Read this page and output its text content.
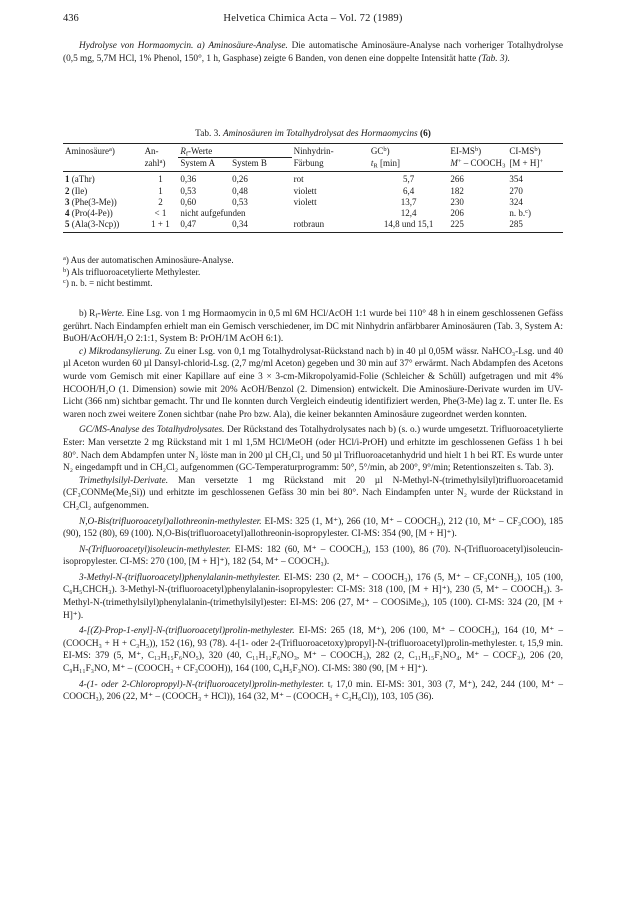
436	Helvetica Chimica Acta – Vol. 72 (1989)

Hydrolyse von Hormaomycin. a) Aminosäure-Analyse. Die automatische Aminosäure-Analyse nach vorheriger Totalhydrolyse (0,5 mg, 5,7M HCl, 1% Phenol, 150°, 1 h, Gasphase) zeigte 6 Banden, von denen eine doppelte Intensität hatte (Tab. 3).

Tab. 3. Aminosäuren im Totalhydrolysat des Hormaomycins (6)
Aminosäure$^a$)	An-	$R_f$-Werte		Ninhydrin-	$GC^b$)	$EI-MS^b$)	$CI-MS^b$)
	zahl$^a$)	System A	System B	Färbung	$t_R$ [min]	$M^+ - COOCH_3$	[M + H]+
1 (aThr)	1	0,36	0,26	rot	5,7	266	354
2 (Ile)	1	0,53	0,48	violett	6,4	182	270
3 (Phe(3-Me))	2	0,60	0,53	violett	13,7	230	324
4 (Pro(4-Pe))	< 1	nicht aufgefunden			12,4	206	n. b.$^c$)
5 (Ala(3-Ncp))	1 + 1	0,47	0,34	rotbraun	14,8 und 15,1	225	285
$^a$) Aus der automatischen Aminosäure-Analyse.
$^b$) Als trifluoroacetylierte Methylester.
$^c$) n. b. = nicht bestimmt.

b) $R_f$-Werte. Eine Lsg. von 1 mg Hormaomycin in 0,5 ml 6M HCl/AcOH 1:1 wurde bei 110° 48 h in einem geschlossenen Gefäss gerührt. Nach Eindampfen erhielt man ein Gemisch verschiedener, im DC mit Ninhydrin anfärbbarer Aminosäuren (Tab. 3, System A: BuOH/AcOH/H₂O 2:1:1, System B: PrOH/1M AcOH 6:1).

c) Mikrodansylierung. Zu einer Lsg. von 0,1 mg Totalhydrolysat-Rückstand nach b) in 40 µl 0,05M wässr. NaHCO₃-Lsg. und 40 µl Aceton wurden 60 µl Dansyl-chlorid-Lsg. (2,7 mg/ml Aceton) gegeben und 30 min auf 37° erwärmt. Nach Abdampfen des Acetons wurde vom Gemisch mit einer Kapillare auf eine 3 × 3-cm-Mikropolyamid-Folie (Schleicher & Schüll) aufgetragen und mit 4% HCOOH/H₂O (1. Dimension) sowie mit 20% AcOH/Benzol (2. Dimension) entwickelt. Die Aminosäure-Derivate wurden im UV-Licht (366 nm) sichtbar gemacht. Thr und Ile konnten durch Vergleich eindeutig identifiziert werden, Phe(3-Me) lag z. T. unter Ile. Es waren noch zwei weitere Zonen sichtbar (nahe Pro bzw. Ala), die keiner bekannten Aminosäure zugeordnet werden konnten.

GC/MS-Analyse des Totalhydrolysates. Der Rückstand des Totalhydrolysates nach b) (s. o.) wurde umgesetzt. Trifluoroacetylierte Ester: Man versetzte 2 mg Rückstand mit 1 ml 1,5M HCl/MeOH (oder HCl/i-PrOH) und erhitzte im geschlossenen Gefäss 1 h bei 80°. Nach dem Abdampfen unter N₂ löste man in 200 µl CH₂Cl₂ und 50 µl Trifluoroacetanhydrid und hielt 1 h bei RT. Es wurde unter N₂ eingedampft und in CH₂Cl₂ aufgenommen (GC-Temperaturprogramm: 50°, 5°/min, ab 200°, 9°/min; Retentionszeiten s. Tab. 3).

Trimethylsilyl-Derivate. Man versetzte 1 mg Rückstand mit 20 µl N-Methyl-N-(trimethylsilyl)trifluoroacetamid (CF₃CONMe(Me₃Si)) und erhitzte im geschlossenen Gefäss 30 min bei 80°. Nach Eindampfen unter N₂ wurde der Rückstand in CH₂Cl₂ aufgenommen.

N,O-Bis(trifluoroacetyl)allothreonin-methylester. EI-MS: 325 (1, M⁺), 266 (10, M⁺ – COOCH₃), 212 (10, M⁺ – CF₃COO), 185 (90), 152 (80), 69 (100). N,O-Bis(trifluoroacetyl)allothreonin-isopropylester. CI-MS: 354 (90, [M + H]⁺).

N-(Trifluoroacetyl)isoleucin-methylester. EI-MS: 182 (60, M⁺ – COOCH₃), 153 (100), 86 (70). N-(Trifluoroacetyl)isoleucin-isopropylester. CI-MS: 270 (100, [M + H]⁺), 182 (54, M⁺ – COOCH₃).

3-Methyl-N-(trifluoroacetyl)phenylalanin-methylester. EI-MS: 230 (2, M⁺ – COOCH₃), 176 (5, M⁺ – CF₃CONH₂), 105 (100, C₆H₅CHCH₃). 3-Methyl-N-(trifluoroacetyl)phenylalanin-isopropylester: CI-MS: 318 (100, [M + H]⁺), 230 (5, M⁺ – COOCH₃). 3-Methyl-N-(trimethylsilyl)phenylalanin-(trimethylsilyl)ester: EI-MS: 206 (27, M⁺ – COOSiMe₃), 105 (100). CI-MS: 324 (20, [M + H]⁺).

4-[(Z)-Prop-1-enyl]-N-(trifluoroacetyl)prolin-methylester. EI-MS: 265 (18, M⁺), 206 (100, M⁺ – COOCH₃), 164 (10, M⁺ – (COOCH₃ + H + C₃H₅)), 152 (16), 93 (78). 4-[1- oder 2-(Trifluoroacetoxy)propyl]-N-(trifluoroacetyl)prolin-methylester. tᵣ 15,9 min. EI-MS: 379 (5, M⁺, C₁₃H₁₅F₆NO₅), 320 (40, C₁₁H₁₂F₆NO₃, M⁺ – COOCH₃), 282 (2, C₁₁H₁₅F₃NO₄, M⁺ – COCF₃), 206 (20, C₉H₁₁F₃NO, M⁺ – (COOCH₃ + CF₃COOH)), 164 (100, C₆H₅F₃NO). CI-MS: 380 (90, [M + H]⁺).

4-(1- oder 2-Chloropropyl)-N-(trifluoroacetyl)prolin-methylester. tᵣ 17,0 min. EI-MS: 301, 303 (7, M⁺), 242, 244 (100, M⁺ – COOCH₃), 206 (22, M⁺ – (COOCH₃ + HCl)), 164 (32, M⁺ – (COOCH₃ + C₃H₆Cl)), 103, 105 (36).
